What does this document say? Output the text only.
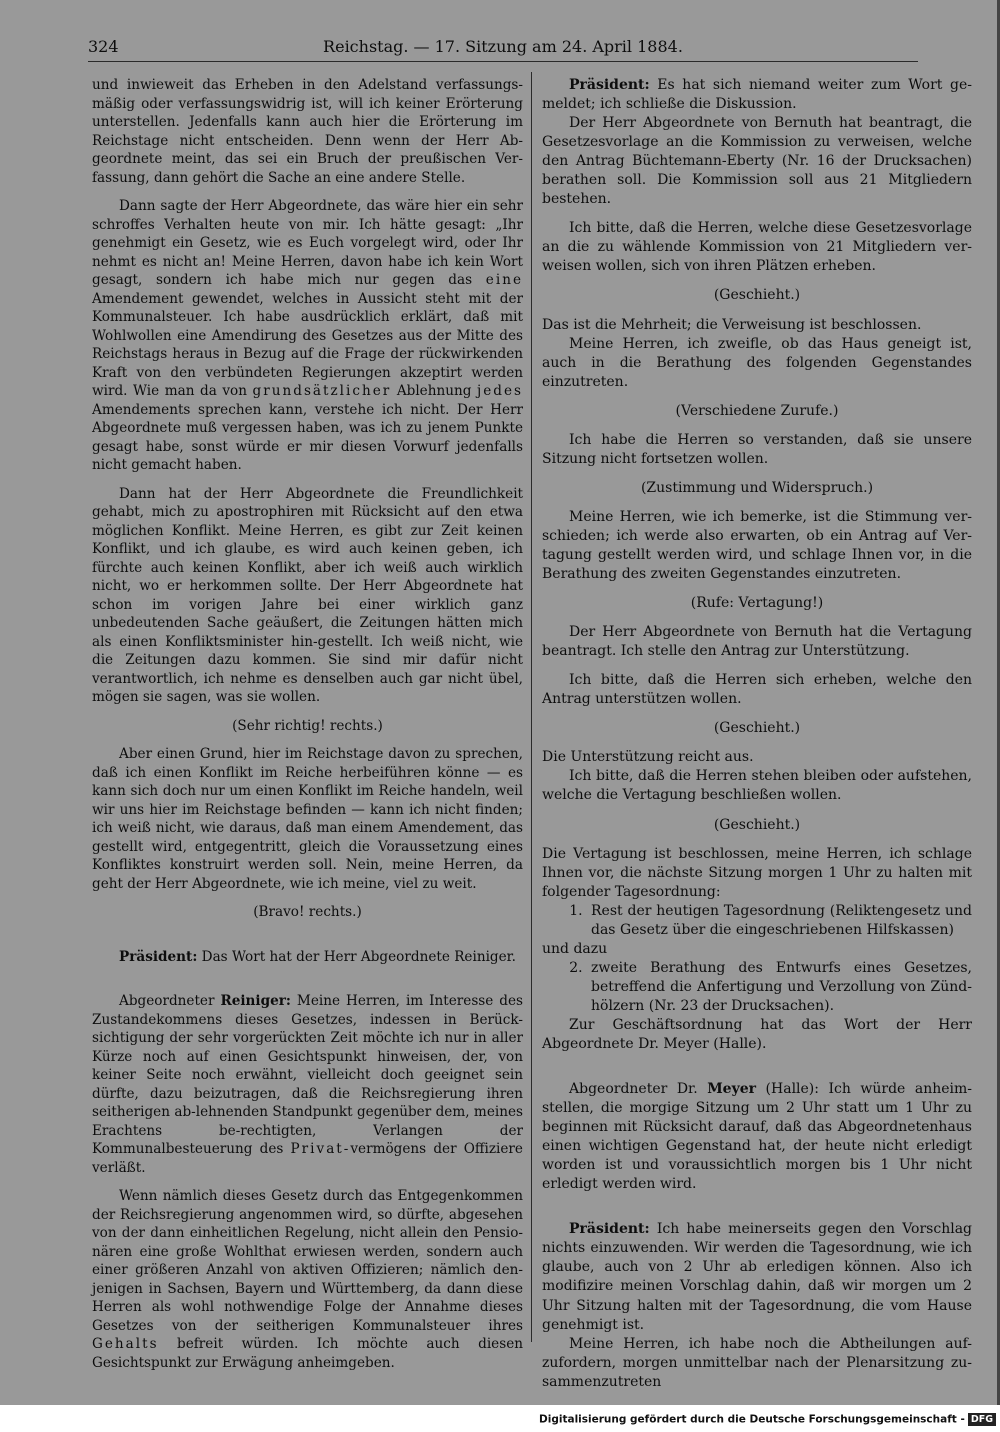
324	Reichstag. — 17. Sitzung am 24. April 1884.

und inwieweit das Erheben in den Adelstand verfassungs-mäßig oder verfassungswidrig ist, will ich keiner Erörterung unterstellen. Jedenfalls kann auch hier die Erörterung im Reichstage nicht entscheiden. Denn wenn der Herr Ab-geordnete meint, das sei ein Bruch der preußischen Ver-fassung, dann gehört die Sache an eine andere Stelle.

Dann sagte der Herr Abgeordnete, das wäre hier ein sehr schroffes Verhalten heute von mir. Ich hätte gesagt: „Ihr genehmigt ein Gesetz, wie es Euch vorgelegt wird, oder Ihr nehmt es nicht an! Meine Herren, davon habe ich kein Wort gesagt, sondern ich habe mich nur gegen das eine Amendement gewendet, welches in Aussicht steht mit der Kommunalsteuer. Ich habe ausdrücklich erklärt, daß mit Wohlwollen eine Amendirung des Gesetzes aus der Mitte des Reichstags heraus in Bezug auf die Frage der rückwirkenden Kraft von den verbündeten Regierungen akzeptirt werden wird. Wie man da von grundsätzlicher Ablehnung jedes Amendements sprechen kann, verstehe ich nicht. Der Herr Abgeordnete muß vergessen haben, was ich zu jenem Punkte gesagt habe, sonst würde er mir diesen Vorwurf jedenfalls nicht gemacht haben.

Dann hat der Herr Abgeordnete die Freundlichkeit gehabt, mich zu apostrophiren mit Rücksicht auf den etwa möglichen Konflikt. Meine Herren, es gibt zur Zeit keinen Konflikt, und ich glaube, es wird auch keinen geben, ich fürchte auch keinen Konflikt, aber ich weiß auch wirklich nicht, wo er herkommen sollte. Der Herr Abgeordnete hat schon im vorigen Jahre bei einer wirklich ganz unbedeutenden Sache geäußert, die Zeitungen hätten mich als einen Konfliktsminister hin-gestellt. Ich weiß nicht, wie die Zeitungen dazu kommen. Sie sind mir dafür nicht verantwortlich, ich nehme es denselben auch gar nicht übel, mögen sie sagen, was sie wollen.

(Sehr richtig! rechts.)

Aber einen Grund, hier im Reichstage davon zu sprechen, daß ich einen Konflikt im Reiche herbeiführen könne — es kann sich doch nur um einen Konflikt im Reiche handeln, weil wir uns hier im Reichstage befinden — kann ich nicht finden; ich weiß nicht, wie daraus, daß man einem Amendement, das gestellt wird, entgegentritt, gleich die Voraussetzung eines Konfliktes konstruirt werden soll. Nein, meine Herren, da geht der Herr Abgeordnete, wie ich meine, viel zu weit.

(Bravo! rechts.)

Präsident: Das Wort hat der Herr Abgeordnete Reiniger.

Abgeordneter Reiniger: Meine Herren, im Interesse des Zustandekommens dieses Gesetzes, indessen in Berück-sichtigung der sehr vorgerückten Zeit möchte ich nur in aller Kürze noch auf einen Gesichtspunkt hinweisen, der, von keiner Seite noch erwähnt, vielleicht doch geeignet sein dürfte, dazu beizutragen, daß die Reichsregierung ihren seitherigen ab-lehnenden Standpunkt gegenüber dem, meines Erachtens be-rechtigten, Verlangen der Kommunalbesteuerung des Privat-vermögens der Offiziere verläßt.

Wenn nämlich dieses Gesetz durch das Entgegenkommen der Reichsregierung angenommen wird, so dürfte, abgesehen von der dann einheitlichen Regelung, nicht allein den Pensio-nären eine große Wohlthat erwiesen werden, sondern auch einer größeren Anzahl von aktiven Offizieren; nämlich den-jenigen in Sachsen, Bayern und Württemberg, da dann diese Herren als wohl nothwendige Folge der Annahme dieses Gesetzes von der seitherigen Kommunalsteuer ihres Gehalts befreit würden. Ich möchte auch diesen Gesichtspunkt zur Erwägung anheimgeben.

Präsident: Es hat sich niemand weiter zum Wort ge-meldet; ich schließe die Diskussion.

Der Herr Abgeordnete von Bernuth hat beantragt, die Gesetzesvorlage an die Kommission zu verweisen, welche den Antrag Büchtemann-Eberty (Nr. 16 der Drucksachen) berathen soll. Die Kommission soll aus 21 Mitgliedern bestehen.

Ich bitte, daß die Herren, welche diese Gesetzesvorlage an die zu wählende Kommission von 21 Mitgliedern ver-weisen wollen, sich von ihren Plätzen erheben.

(Geschieht.)

Das ist die Mehrheit; die Verweisung ist beschlossen.

Meine Herren, ich zweifle, ob das Haus geneigt ist, auch in die Berathung des folgenden Gegenstandes einzutreten.

(Verschiedene Zurufe.)

Ich habe die Herren so verstanden, daß sie unsere Sitzung nicht fortsetzen wollen.

(Zustimmung und Widerspruch.)

Meine Herren, wie ich bemerke, ist die Stimmung ver-schieden; ich werde also erwarten, ob ein Antrag auf Ver-tagung gestellt werden wird, und schlage Ihnen vor, in die Berathung des zweiten Gegenstandes einzutreten.

(Rufe: Vertagung!)

Der Herr Abgeordnete von Bernuth hat die Vertagung beantragt. Ich stelle den Antrag zur Unterstützung.

Ich bitte, daß die Herren sich erheben, welche den Antrag unterstützen wollen.

(Geschieht.)

Die Unterstützung reicht aus.

Ich bitte, daß die Herren stehen bleiben oder aufstehen, welche die Vertagung beschließen wollen.

(Geschieht.)

Die Vertagung ist beschlossen, meine Herren, ich schlage Ihnen vor, die nächste Sitzung morgen 1 Uhr zu halten mit folgender Tagesordnung:

1. Rest der heutigen Tagesordnung (Reliktengesetz und das Gesetz über die eingeschriebenen Hilfskassen)

und dazu

2. zweite Berathung des Entwurfs eines Gesetzes, betreffend die Anfertigung und Verzollung von Zünd-hölzern (Nr. 23 der Drucksachen).

Zur Geschäftsordnung hat das Wort der Herr Abgeordnete Dr. Meyer (Halle).

Abgeordneter Dr. Meyer (Halle): Ich würde anheim-stellen, die morgige Sitzung um 2 Uhr statt um 1 Uhr zu beginnen mit Rücksicht darauf, daß das Abgeordnetenhaus einen wichtigen Gegenstand hat, der heute nicht erledigt worden ist und voraussichtlich morgen bis 1 Uhr nicht erledigt werden wird.

Präsident: Ich habe meinerseits gegen den Vorschlag nichts einzuwenden. Wir werden die Tagesordnung, wie ich glaube, auch von 2 Uhr ab erledigen können. Also ich modifizire meinen Vorschlag dahin, daß wir morgen um 2 Uhr Sitzung halten mit der Tagesordnung, die vom Hause genehmigt ist.

Meine Herren, ich habe noch die Abtheilungen auf-zufordern, morgen unmittelbar nach der Plenarsitzung zu-sammenzutreten

Digitalisierung gefördert durch die Deutsche Forschungsgemeinschaft - DFG
